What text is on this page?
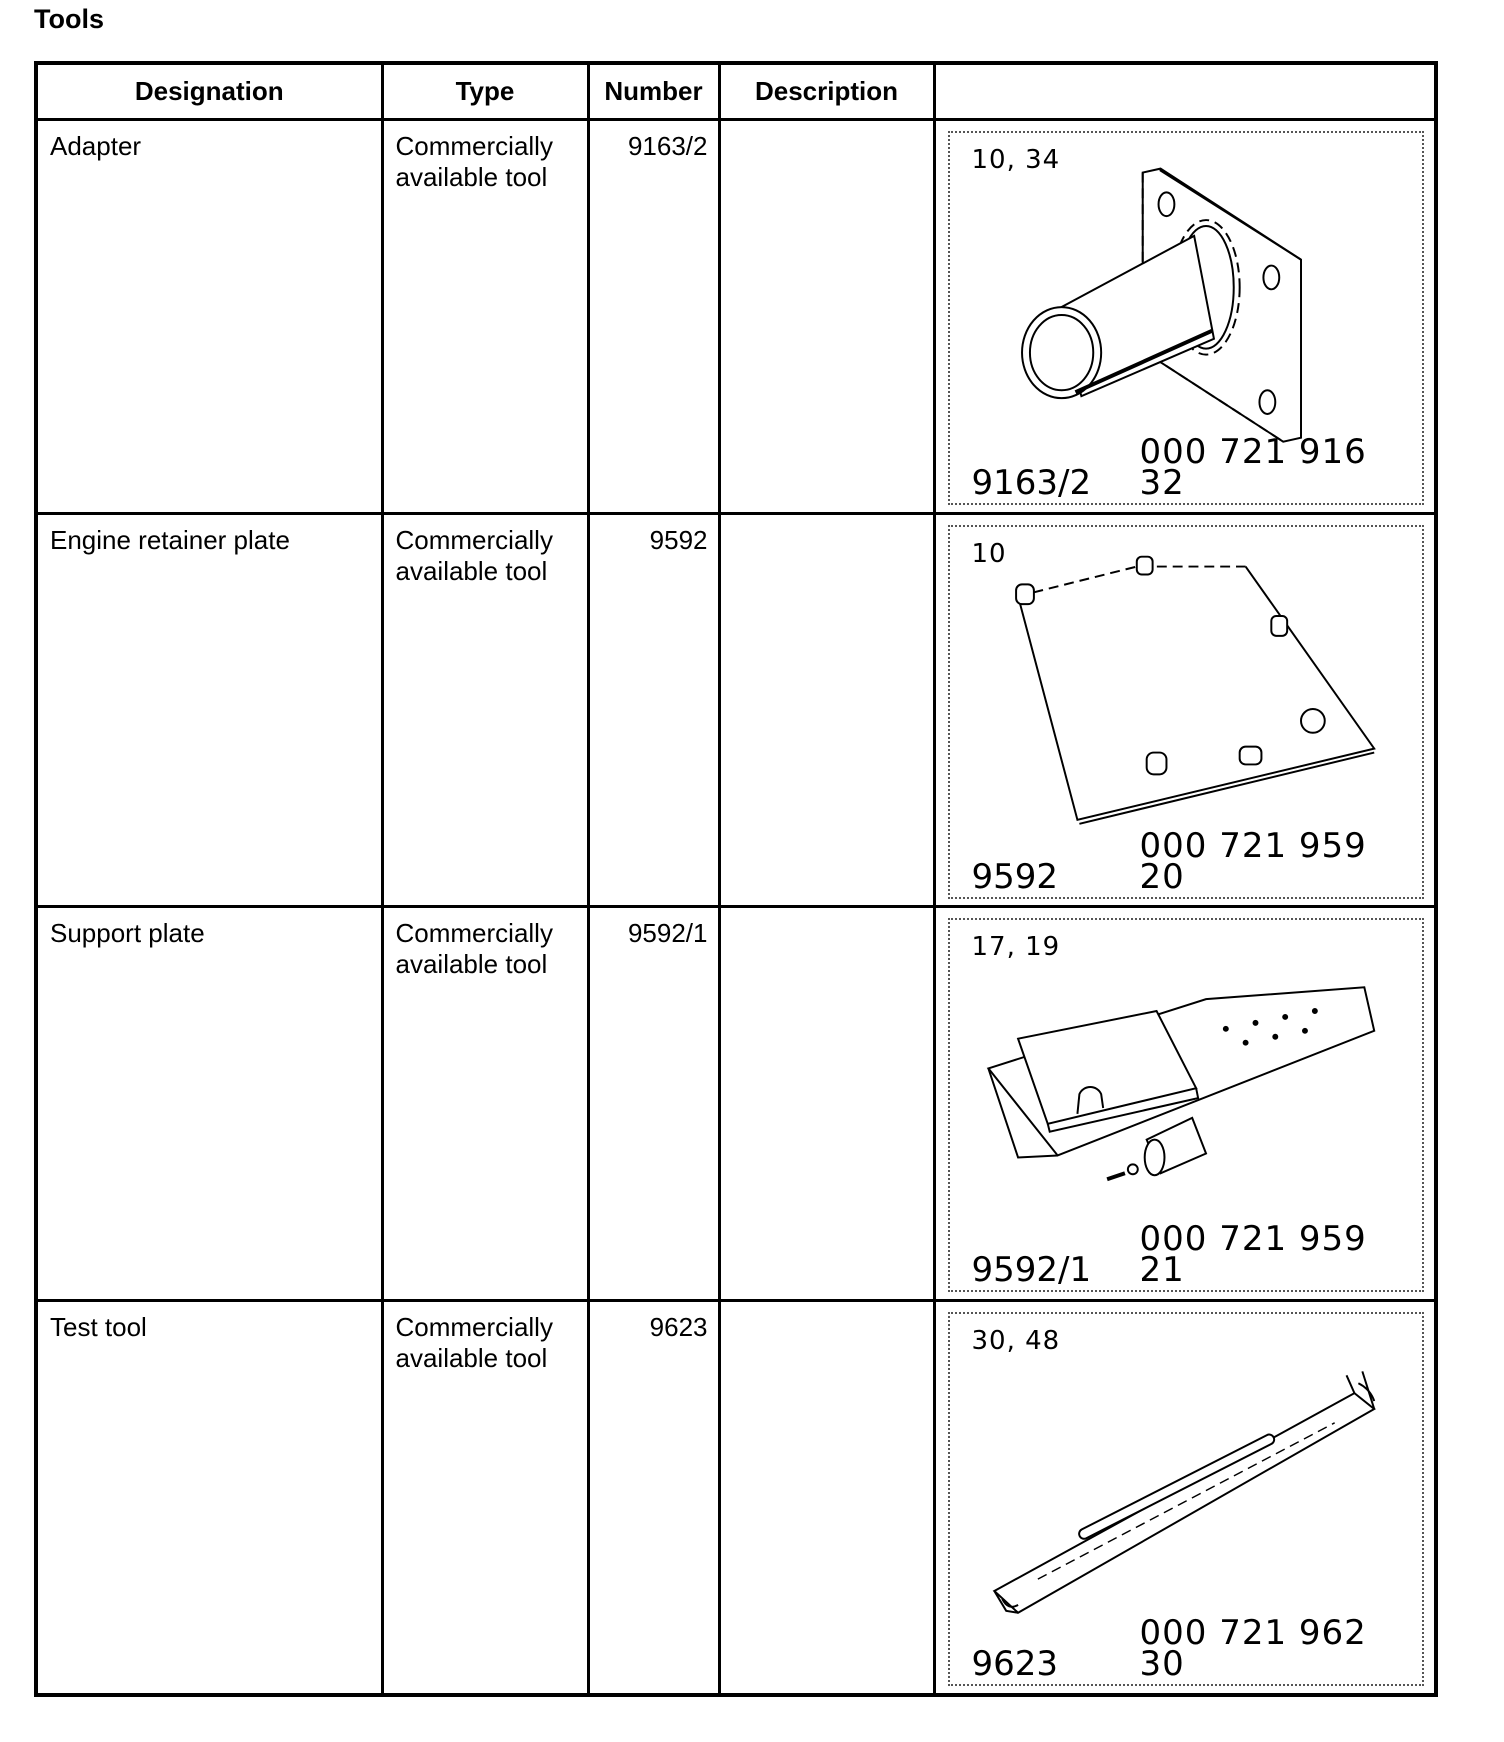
Tools
Designation	Type	Number	Description	
Adapter	Commercially available tool	9163/2		10, 34
9163/2
000 721 916 32

Engine retainer plate	Commercially available tool	9592		10
9592
000 721 959 20

Support plate	Commercially available tool	9592/1		17, 19
9592/1
000 721 959 21

Test tool	Commercially available tool	9623		30, 48
9623
000 721 962 30
